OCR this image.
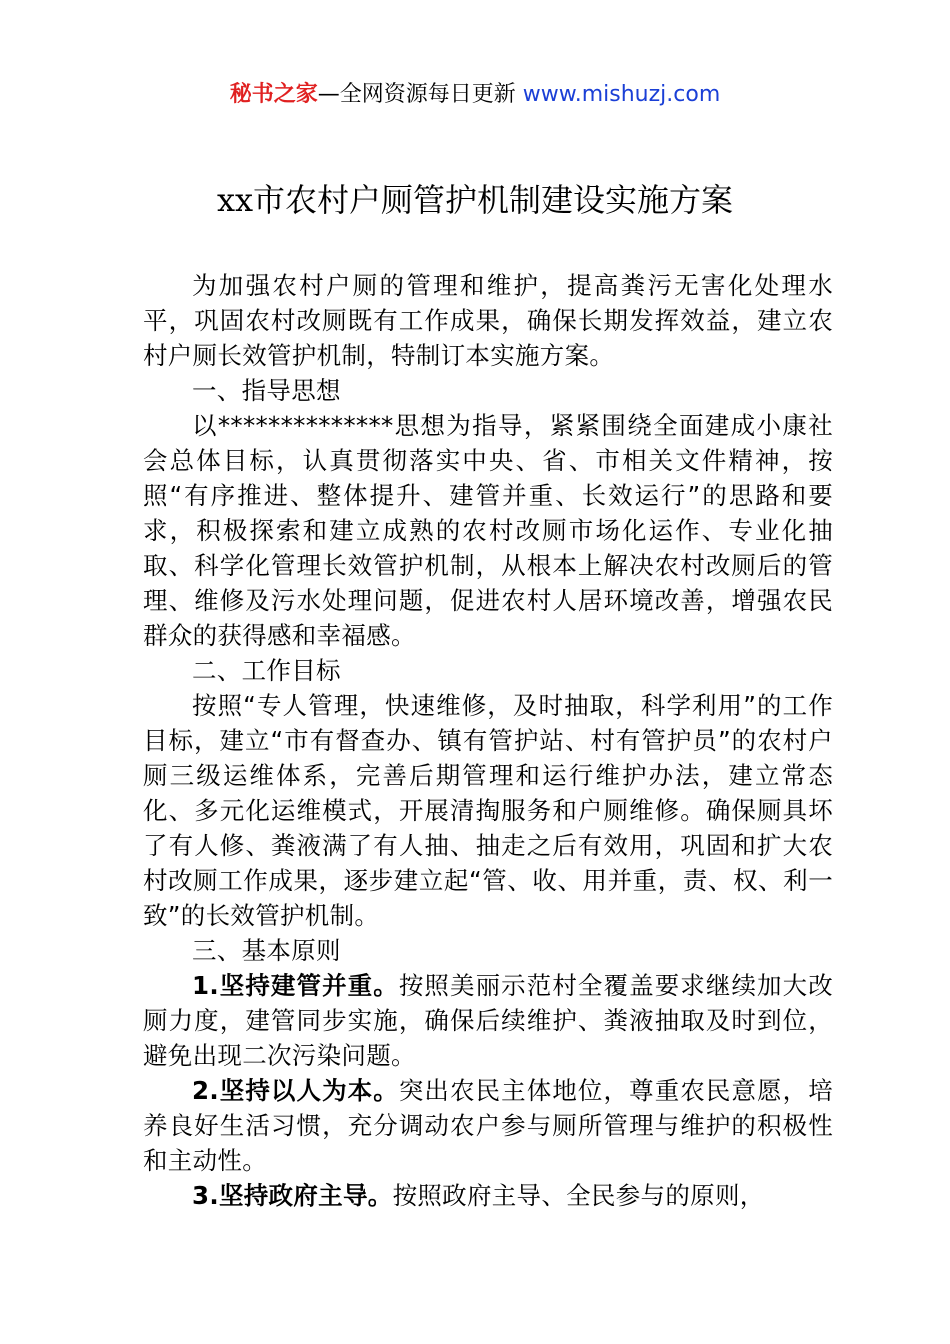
秘书之家—全网资源每日更新 www.mishuzj.com
xx市农村户厕管护机制建设实施方案

为加强农村户厕的管理和维护，提高粪污无害化处理水平，巩固农村改厕既有工作成果，确保长期发挥效益，建立农村户厕长效管护机制，特制订本实施方案。

一、指导思想

以**************思想为指导，紧紧围绕全面建成小康社会总体目标，认真贯彻落实中央、省、市相关文件精神，按照“有序推进、整体提升、建管并重、长效运行”的思路和要求，积极探索和建立成熟的农村改厕市场化运作、专业化抽取、科学化管理长效管护机制，从根本上解决农村改厕后的管理、维修及污水处理问题，促进农村人居环境改善，增强农民群众的获得感和幸福感。

二、工作目标

按照“专人管理，快速维修，及时抽取，科学利用”的工作目标，建立“市有督查办、镇有管护站、村有管护员”的农村户厕三级运维体系，完善后期管理和运行维护办法，建立常态化、多元化运维模式，开展清掏服务和户厕维修。确保厕具坏了有人修、粪液满了有人抽、抽走之后有效用，巩固和扩大农村改厕工作成果，逐步建立起“管、收、用并重，责、权、利一致”的长效管护机制。

三、基本原则

1.坚持建管并重。按照美丽示范村全覆盖要求继续加大改厕力度，建管同步实施，确保后续维护、粪液抽取及时到位，避免出现二次污染问题。

2.坚持以人为本。突出农民主体地位，尊重农民意愿，培养良好生活习惯，充分调动农户参与厕所管理与维护的积极性和主动性。

3.坚持政府主导。按照政府主导、全民参与的原则，
